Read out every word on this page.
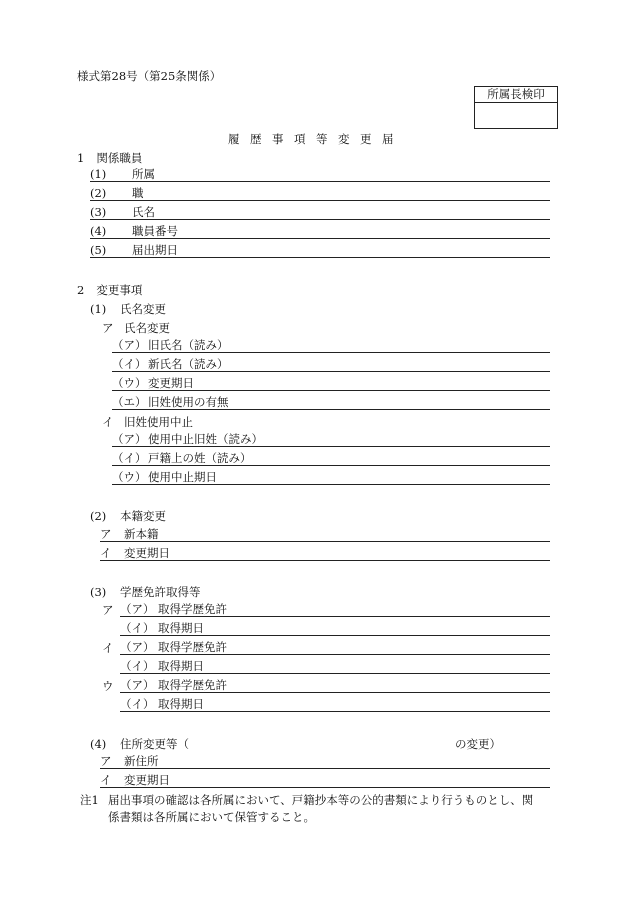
様式第28号（第25条関係）
所属長検印
履歴事項等変更届
1 関係職員
(1) 所属
(2) 職
(3) 氏名
(4) 職員番号
(5) 届出期日
2 変更事項
(1) 氏名変更
ア 氏名変更
（ア） 旧氏名（読み）
（イ） 新氏名（読み）
（ウ） 変更期日
（エ） 旧姓使用の有無
イ 旧姓使用中止
（ア） 使用中止旧姓（読み）
（イ） 戸籍上の姓（読み）
（ウ） 使用中止期日
(2) 本籍変更
ア 新本籍
イ 変更期日
(3) 学歴免許取得等
ア （ア） 取得学歴免許
（イ） 取得期日
イ （ア） 取得学歴免許
（イ） 取得期日
ウ （ア） 取得学歴免許
（イ） 取得期日
(4) 住所変更等（	の変更）
ア 新住所
イ 変更期日
注1 届出事項の確認は各所属において、戸籍抄本等の公的書類により行うものとし、関
係書類は各所属において保管すること。
